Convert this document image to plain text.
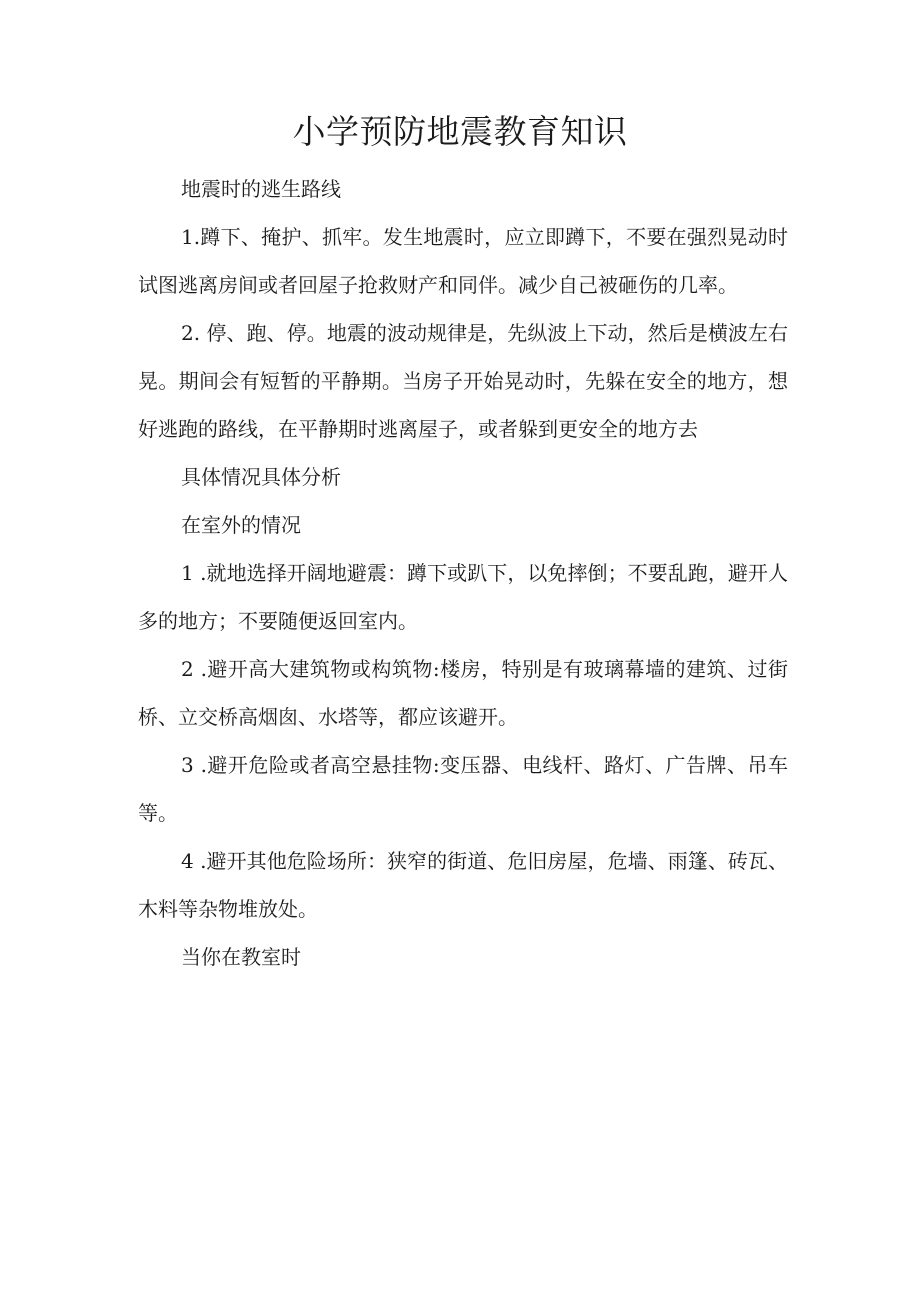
小学预防地震教育知识

地震时的逃生路线

1.蹲下、掩护、抓牢。发生地震时，应立即蹲下，不要在强烈晃动时试图逃离房间或者回屋子抢救财产和同伴。减少自己被砸伤的几率。

2. 停、跑、停。地震的波动规律是，先纵波上下动，然后是横波左右晃。期间会有短暂的平静期。当房子开始晃动时，先躲在安全的地方，想好逃跑的路线，在平静期时逃离屋子，或者躲到更安全的地方去

具体情况具体分析

在室外的情况

1 .就地选择开阔地避震：蹲下或趴下，以免摔倒；不要乱跑，避开人多的地方；不要随便返回室内。

2 .避开高大建筑物或构筑物:楼房，特别是有玻璃幕墙的建筑、过街桥、立交桥高烟囱、水塔等，都应该避开。

3 .避开危险或者高空悬挂物:变压器、电线杆、路灯、广告牌、吊车等。

4 .避开其他危险场所：狭窄的街道、危旧房屋，危墙、雨篷、砖瓦、木料等杂物堆放处。

当你在教室时
